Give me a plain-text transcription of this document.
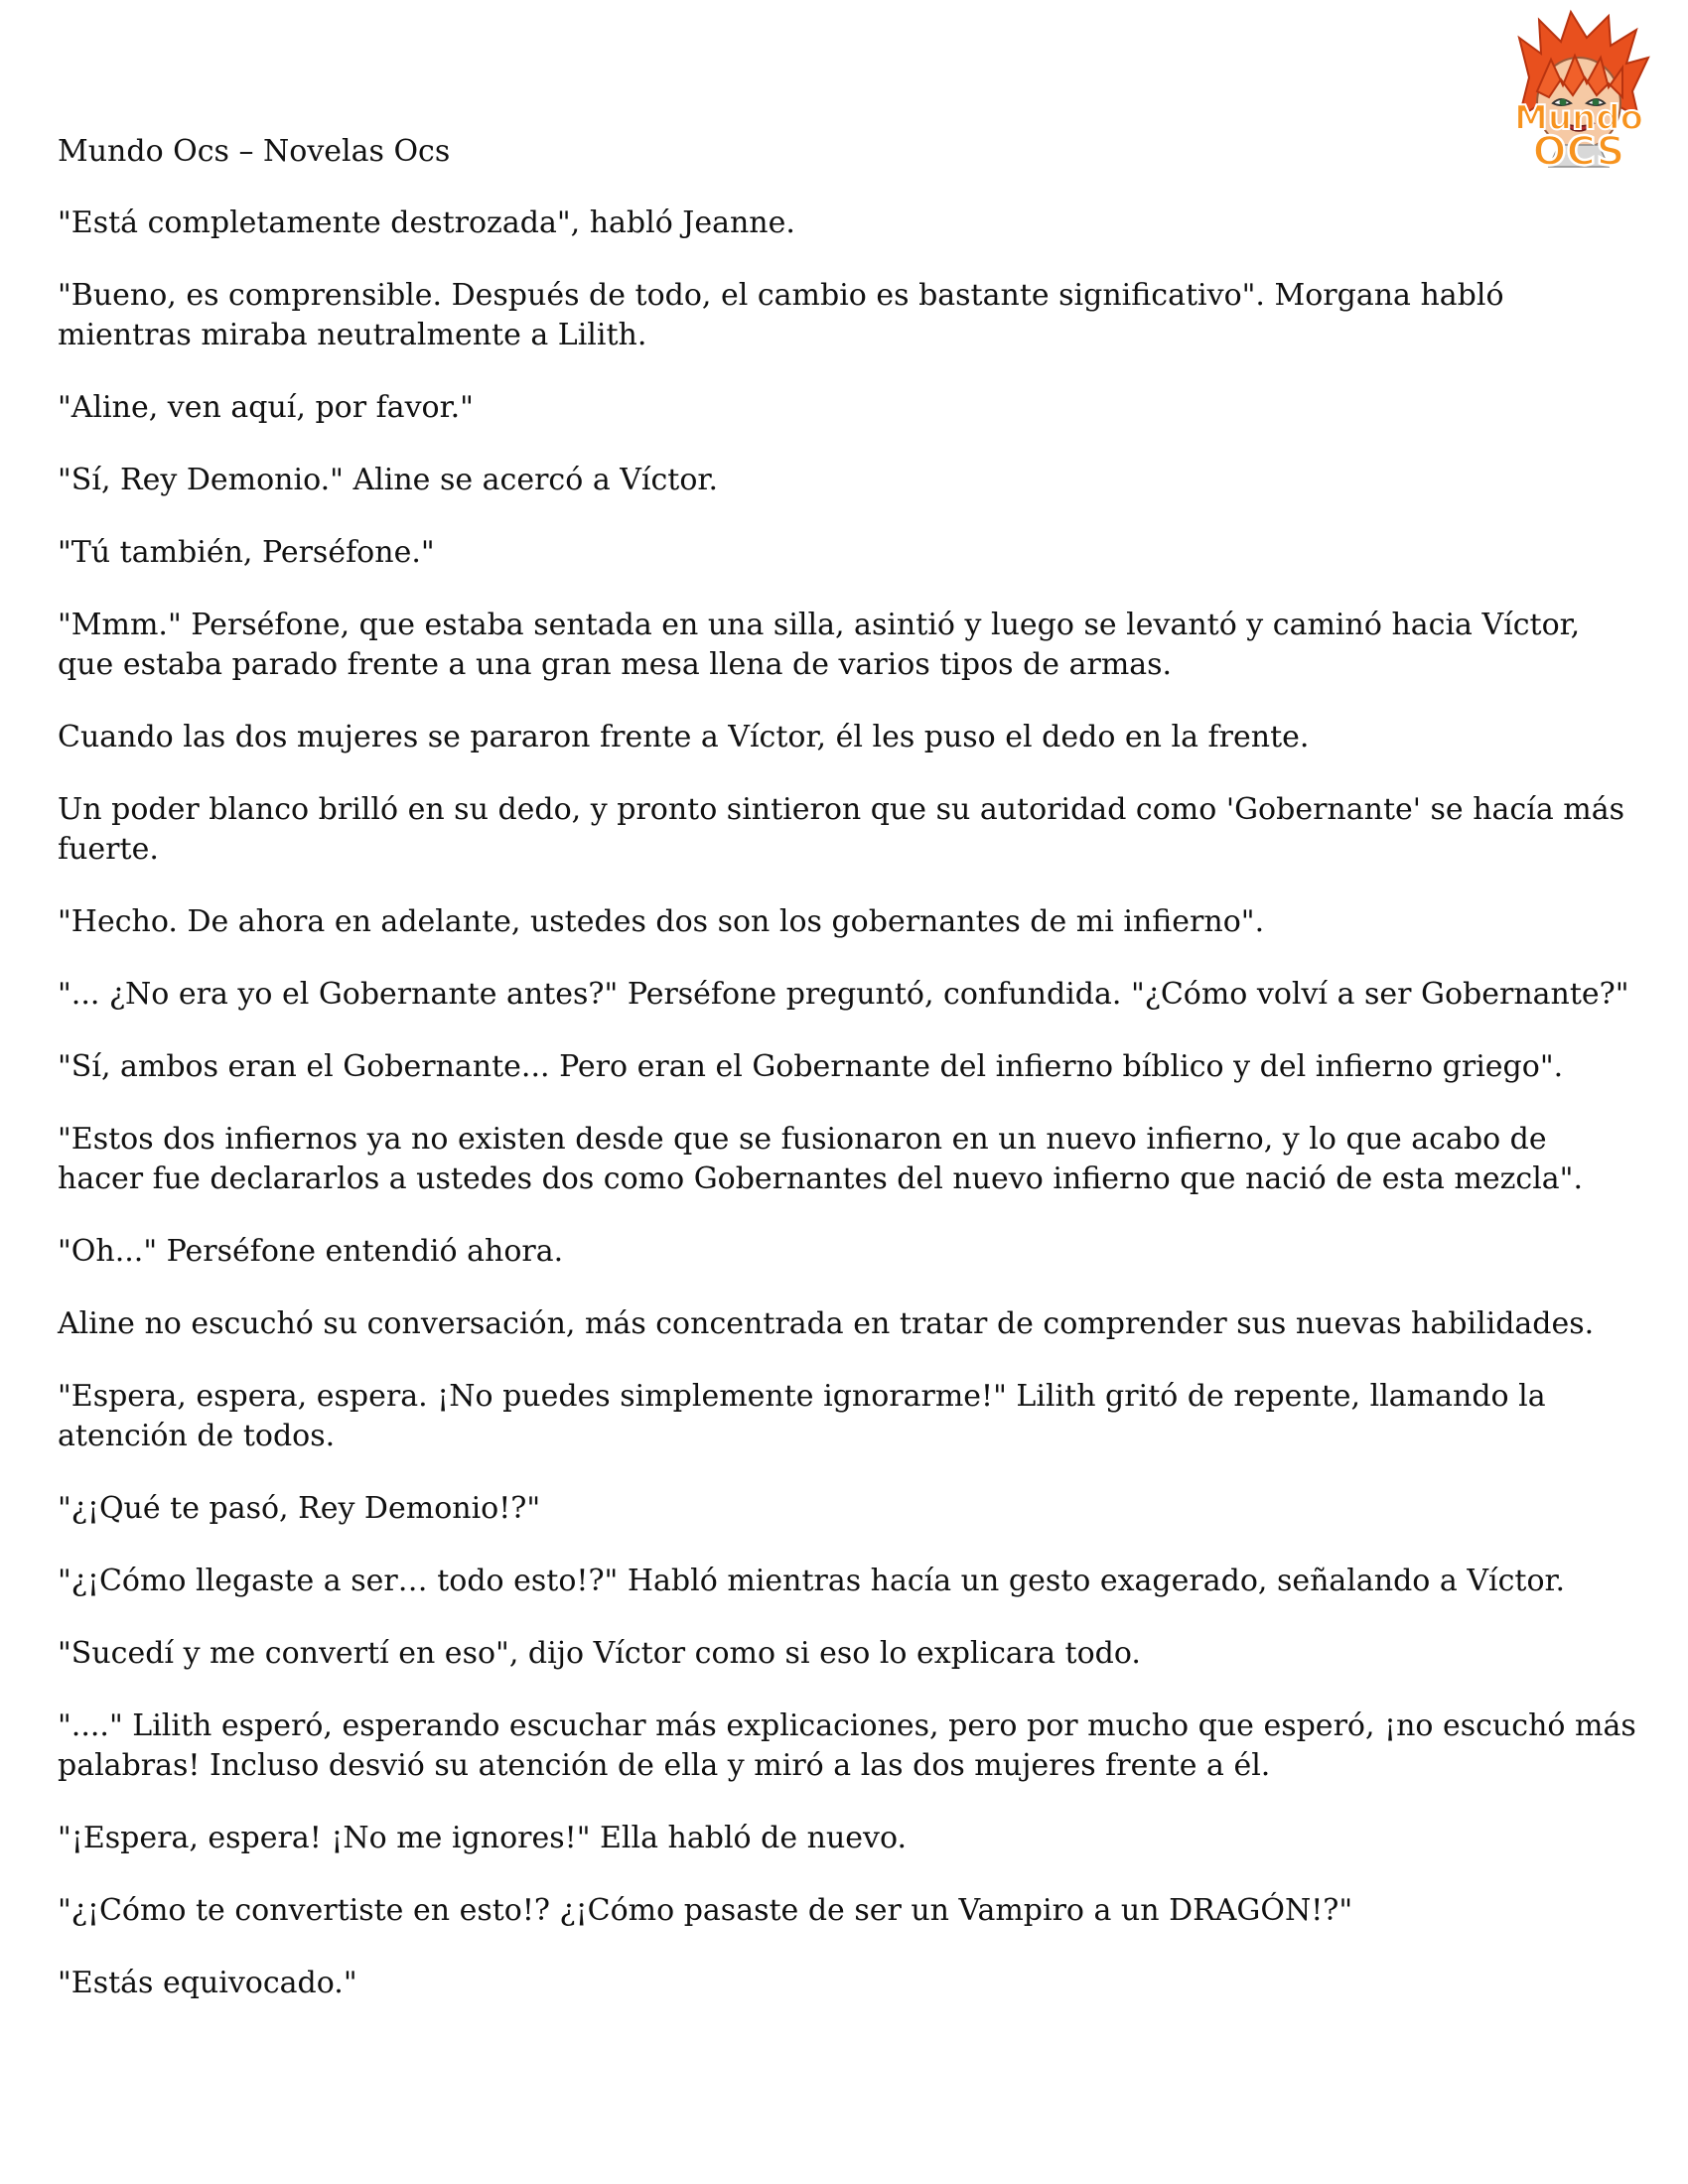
Mundo
OCS
Mundo Ocs – Novelas Ocs

"Está completamente destrozada", habló Jeanne.

"Bueno, es comprensible. Después de todo, el cambio es bastante significativo". Morgana habló mientras miraba neutralmente a Lilith.

"Aline, ven aquí, por favor."

"Sí, Rey Demonio." Aline se acercó a Víctor.

"Tú también, Perséfone."

"Mmm." Perséfone, que estaba sentada en una silla, asintió y luego se levantó y caminó hacia Víctor, que estaba parado frente a una gran mesa llena de varios tipos de armas.

Cuando las dos mujeres se pararon frente a Víctor, él les puso el dedo en la frente.

Un poder blanco brilló en su dedo, y pronto sintieron que su autoridad como 'Gobernante' se hacía más fuerte.

"Hecho. De ahora en adelante, ustedes dos son los gobernantes de mi infierno".

"... ¿No era yo el Gobernante antes?" Perséfone preguntó, confundida. "¿Cómo volví a ser Gobernante?"

"Sí, ambos eran el Gobernante... Pero eran el Gobernante del infierno bíblico y del infierno griego".

"Estos dos infiernos ya no existen desde que se fusionaron en un nuevo infierno, y lo que acabo de hacer fue declararlos a ustedes dos como Gobernantes del nuevo infierno que nació de esta mezcla".

"Oh..." Perséfone entendió ahora.

Aline no escuchó su conversación, más concentrada en tratar de comprender sus nuevas habilidades.

"Espera, espera, espera. ¡No puedes simplemente ignorarme!" Lilith gritó de repente, llamando la atención de todos.

"¿¡Qué te pasó, Rey Demonio!?"

"¿¡Cómo llegaste a ser… todo esto!?" Habló mientras hacía un gesto exagerado, señalando a Víctor.

"Sucedí y me convertí en eso", dijo Víctor como si eso lo explicara todo.

"...." Lilith esperó, esperando escuchar más explicaciones, pero por mucho que esperó, ¡no escuchó más palabras! Incluso desvió su atención de ella y miró a las dos mujeres frente a él.

"¡Espera, espera! ¡No me ignores!" Ella habló de nuevo.

"¿¡Cómo te convertiste en esto!? ¿¡Cómo pasaste de ser un Vampiro a un DRAGÓN!?"

"Estás equivocado."
